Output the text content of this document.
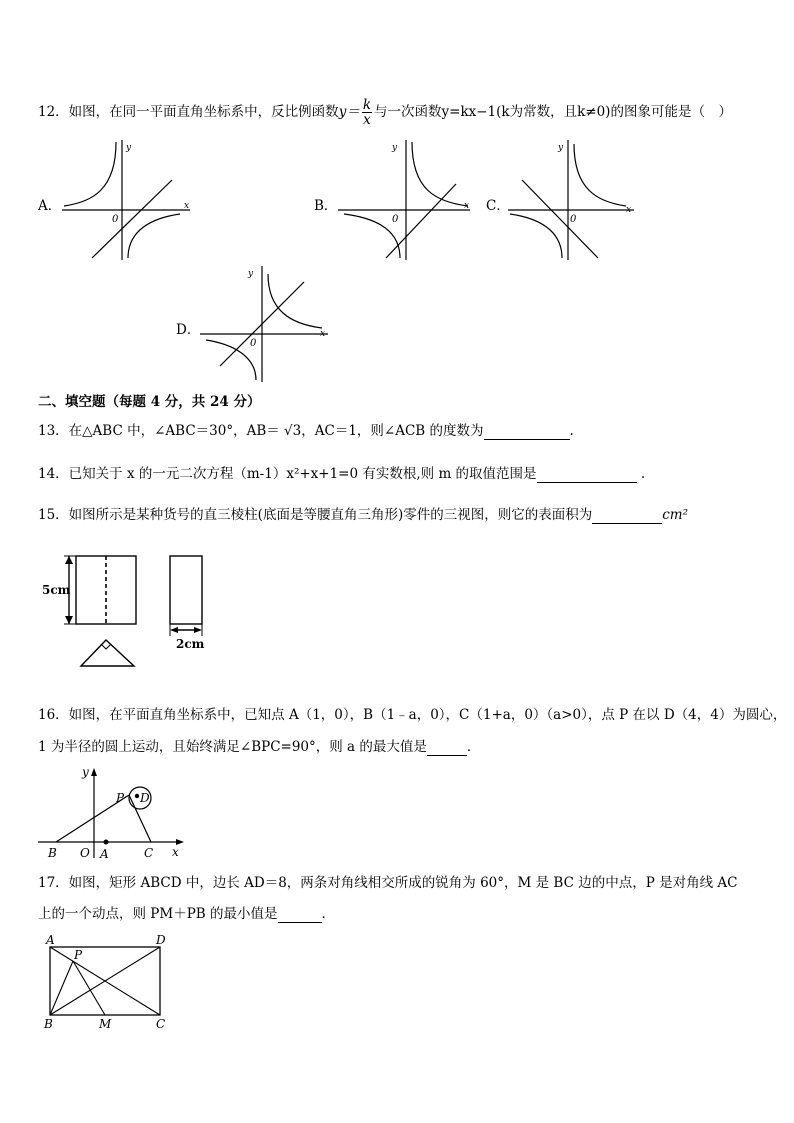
12．如图，在同一平面直角坐标系中，反比例函数$y= \frac{k}{x}$ 与一次函数y=kx−1(k为常数，且k≠0)的图象可能是（　）
A．
y
x
0
B．
y
x
0
C．
y
x
0
D．
y
x
0
二、填空题（每题 4 分，共 24 分）
13．在△ABC 中，∠ABC＝30°，AB＝ √3，AC＝1，则∠ACB 的度数为	.
14．已知关于 x 的一元二次方程（m-1）x²+x+1=0 有实数根,则 m 的取值范围是	.
15．如图所示是某种货号的直三棱柱(底面是等腰直角三角形)零件的三视图，则它的表面积为	cm²
5cm
2cm
16．如图，在平面直角坐标系中，已知点 A（1，0），B（1﹣a，0），C（1+a，0）（a>0），点 P 在以 D（4，4）为圆心，
1 为半径的圆上运动，且始终满足∠BPC=90°，则 a 的最大值是	．
y
x
D
P
B O A	C
17．如图，矩形 ABCD 中，边长 AD＝8，两条对角线相交所成的锐角为 60°，M 是 BC 边的中点，P 是对角线 AC
上的一个动点，则 PM＋PB 的最小值是	．
A	D
P
B	M	C
